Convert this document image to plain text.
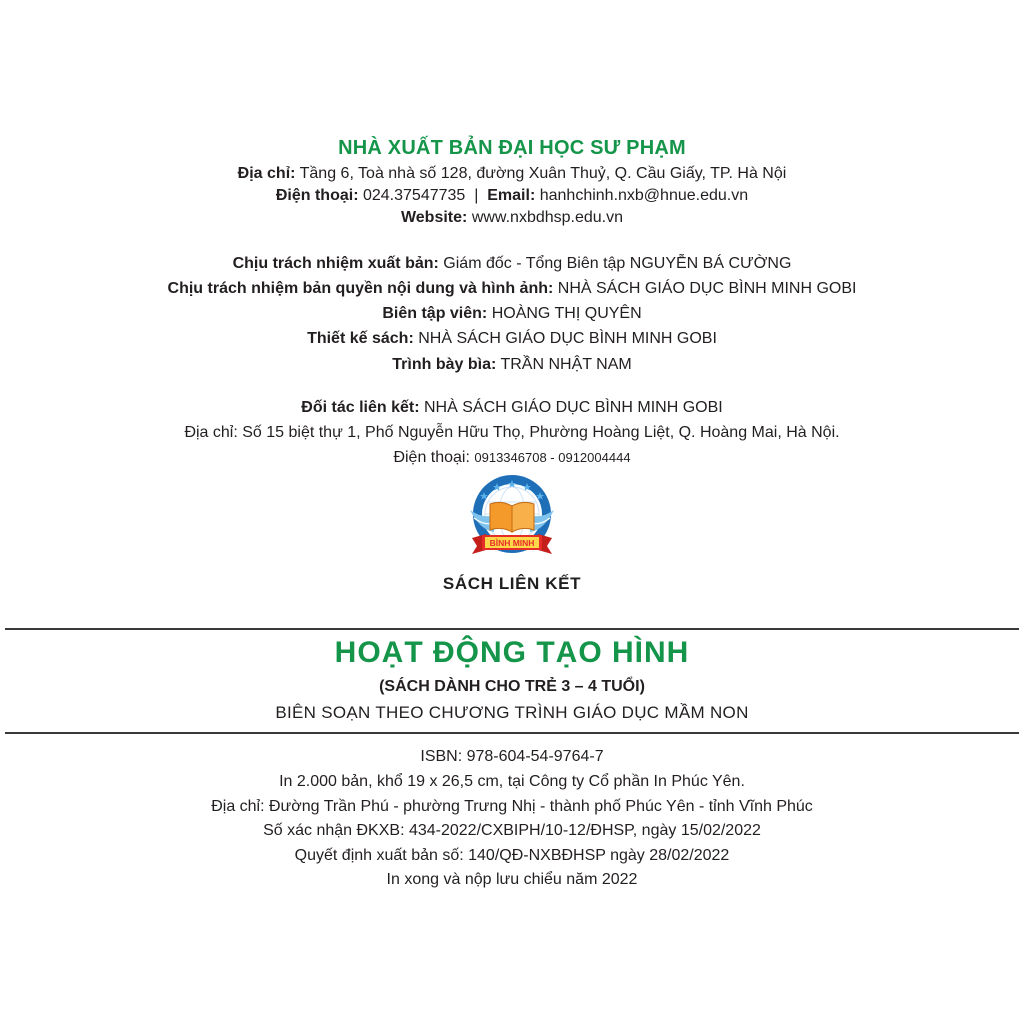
NHÀ XUẤT BẢN ĐẠI HỌC SƯ PHẠM
Địa chỉ: Tầng 6, Toà nhà số 128, đường Xuân Thuỷ, Q. Cầu Giấy, TP. Hà Nội
Điện thoại: 024.37547735 | Email: hanhchinh.nxb@hnue.edu.vn
Website: www.nxbdhsp.edu.vn
Chịu trách nhiệm xuất bản: Giám đốc - Tổng Biên tập NGUYỄN BÁ CƯỜNG
Chịu trách nhiệm bản quyền nội dung và hình ảnh: NHÀ SÁCH GIÁO DỤC BÌNH MINH GOBI
Biên tập viên: HOÀNG THỊ QUYÊN
Thiết kế sách: NHÀ SÁCH GIÁO DỤC BÌNH MINH GOBI
Trình bày bìa: TRẦN NHẬT NAM
Đối tác liên kết: NHÀ SÁCH GIÁO DỤC BÌNH MINH GOBI
Địa chỉ: Số 15 biệt thự 1, Phố Nguyễn Hữu Thọ, Phường Hoàng Liệt, Q. Hoàng Mai, Hà Nội.
Điện thoại: 0913346708 - 0912004444
BÌNH MINH
SÁCH LIÊN KẾT
HOẠT ĐỘNG TẠO HÌNH
(SÁCH DÀNH CHO TRẺ 3 – 4 TUỔI)
BIÊN SOẠN THEO CHƯƠNG TRÌNH GIÁO DỤC MẦM NON
ISBN: 978-604-54-9764-7
In 2.000 bản, khổ 19 x 26,5 cm, tại Công ty Cổ phần In Phúc Yên.
Địa chỉ: Đường Trần Phú - phường Trưng Nhị - thành phố Phúc Yên - tỉnh Vĩnh Phúc
Số xác nhận ĐKXB: 434-2022/CXBIPH/10-12/ĐHSP, ngày 15/02/2022
Quyết định xuất bản số: 140/QĐ-NXBĐHSP ngày 28/02/2022
In xong và nộp lưu chiểu năm 2022
